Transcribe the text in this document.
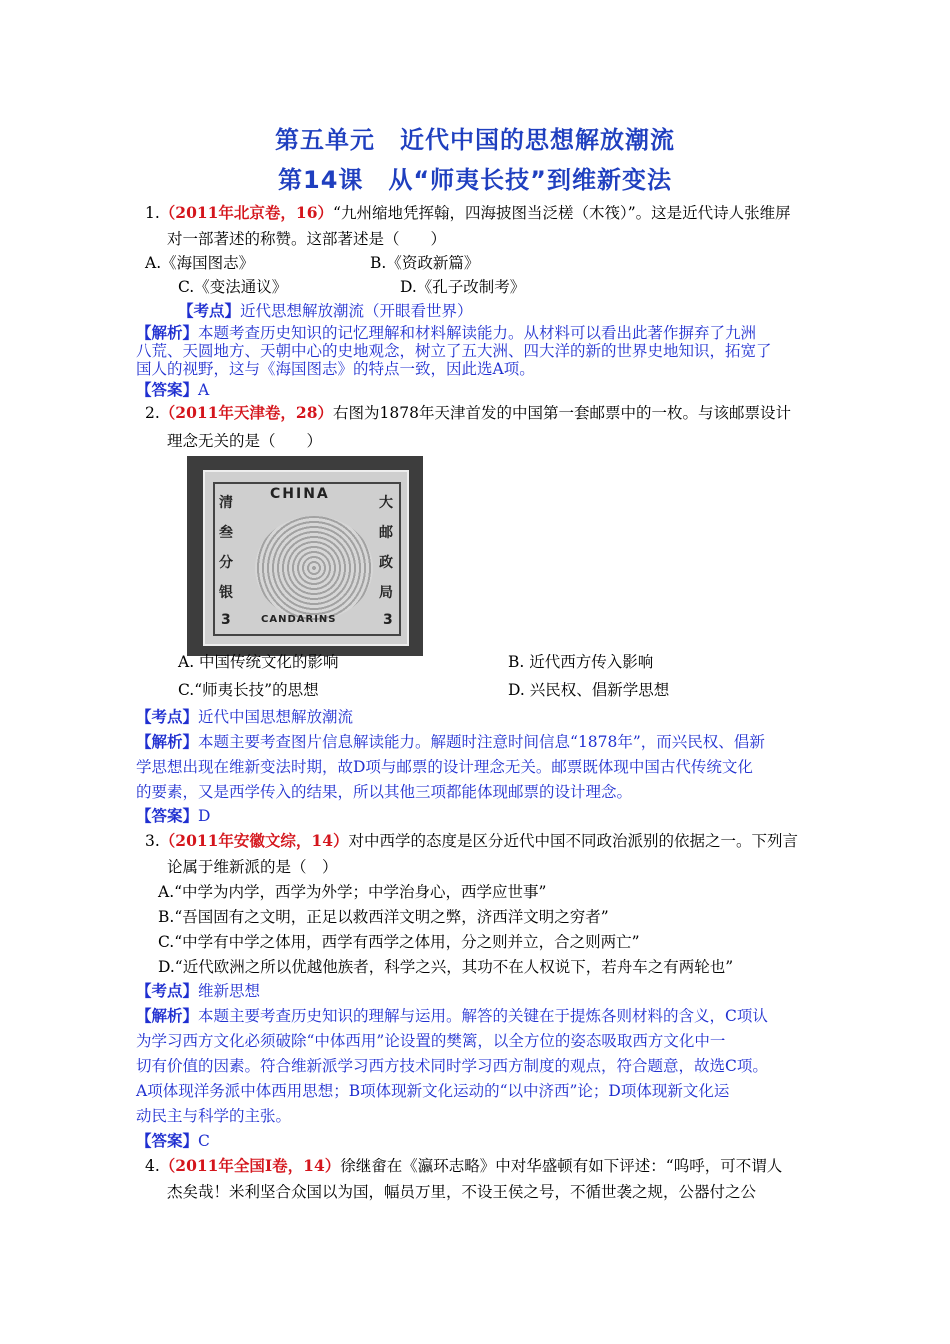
第五单元　近代中国的思想解放潮流
第14课　从“师夷长技”到维新变法
1.（2011年北京卷，16）“九州缩地凭挥翰，四海披图当泛槎（木筏）”。这是近代诗人张维屏
对一部著述的称赞。这部著述是（　　）
A.《海国图志》	B.《资政新篇》
C.《变法通议》	D.《孔子改制考》
【考点】近代思想解放潮流（开眼看世界）
【解析】本题考查历史知识的记忆理解和材料解读能力。从材料可以看出此著作摒弃了九洲
八荒、天圆地方、天朝中心的史地观念，树立了五大洲、四大洋的新的世界史地知识，拓宽了
国人的视野，这与《海国图志》的特点一致，因此选A项。
【答案】A
2.（2011年天津卷，28）右图为1878年天津首发的中国第一套邮票中的一枚。与该邮票设计
理念无关的是（　　）
CHINA
CANDARINS
清 叁 分 银
大 邮 政 局
3	3
A. 中国传统文化的影响	B. 近代西方传入影响
C.“师夷长技”的思想	D. 兴民权、倡新学思想
【考点】近代中国思想解放潮流
【解析】本题主要考查图片信息解读能力。解题时注意时间信息“1878年”，而兴民权、倡新
学思想出现在维新变法时期，故D项与邮票的设计理念无关。邮票既体现中国古代传统文化
的要素，又是西学传入的结果，所以其他三项都能体现邮票的设计理念。
【答案】D
3.（2011年安徽文综，14）对中西学的态度是区分近代中国不同政治派别的依据之一。下列言
论属于维新派的是（　）
A.“中学为内学，西学为外学；中学治身心，西学应世事”
B.“吾国固有之文明，正足以救西洋文明之弊，济西洋文明之穷者”
C.“中学有中学之体用，西学有西学之体用，分之则并立，合之则两亡”
D.“近代欧洲之所以优越他族者，科学之兴，其功不在人权说下，若舟车之有两轮也”
【考点】维新思想
【解析】本题主要考查历史知识的理解与运用。解答的关键在于提炼各则材料的含义，C项认
为学习西方文化必须破除“中体西用”论设置的樊篱，以全方位的姿态吸取西方文化中一
切有价值的因素。符合维新派学习西方技术同时学习西方制度的观点，符合题意，故选C项。
A项体现洋务派中体西用思想；B项体现新文化运动的“以中济西”论；D项体现新文化运
动民主与科学的主张。
【答案】C
4.（2011年全国I卷，14）徐继畲在《瀛环志略》中对华盛顿有如下评述：“呜呼，可不谓人
杰矣哉！米利坚合众国以为国，幅员万里，不设王侯之号，不循世袭之规，公器付之公
